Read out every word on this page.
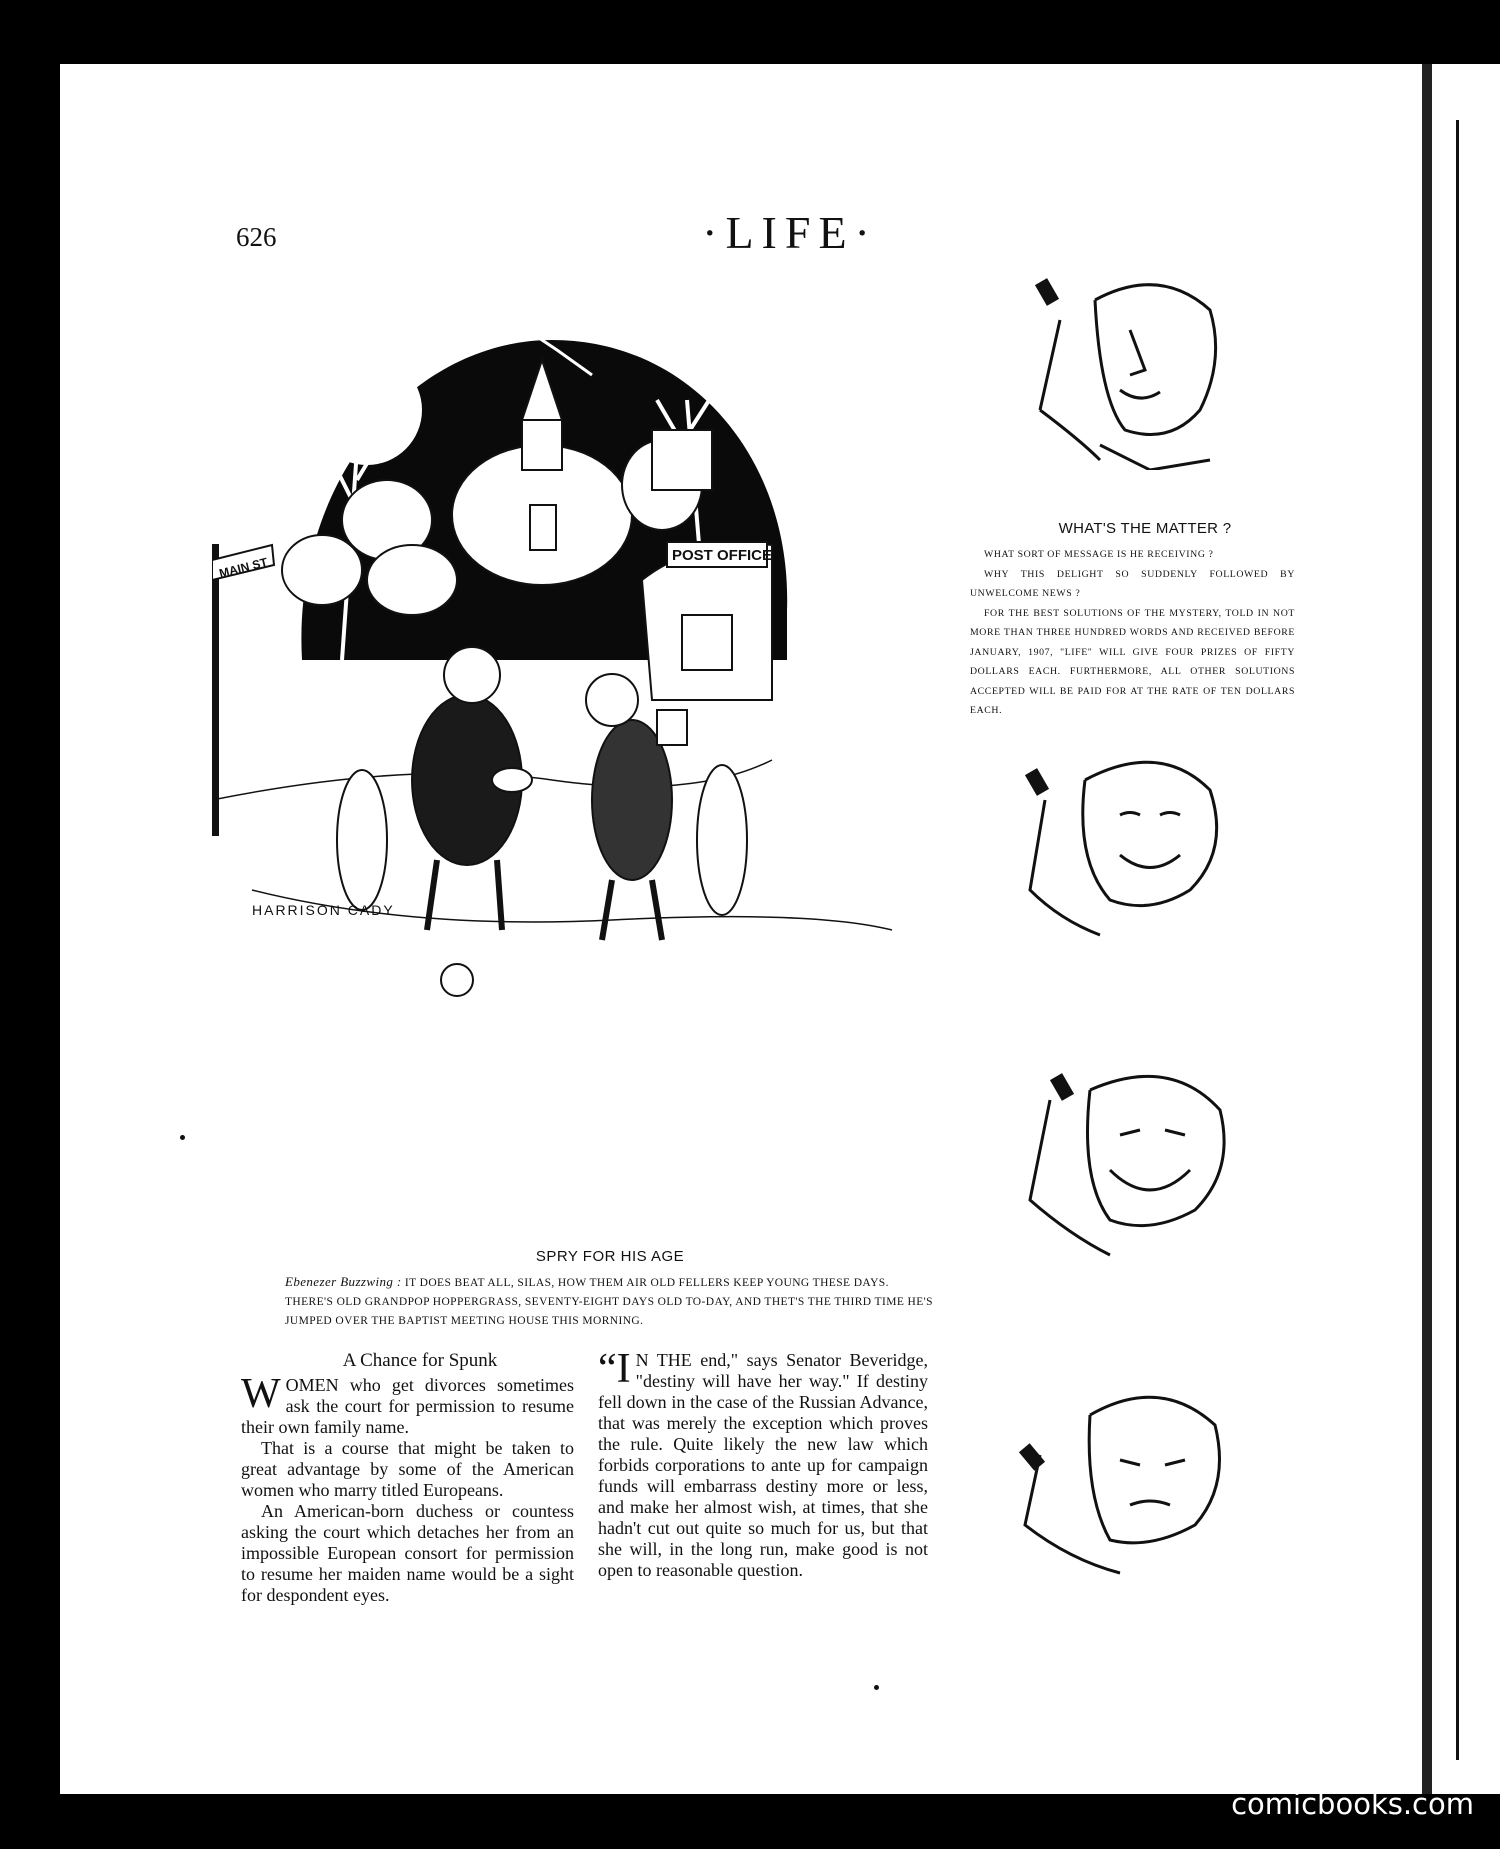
626	·LIFE·
POST OFFICE
MAIN ST
HARRISON CADY
SPRY FOR HIS AGE
Ebenezer Buzzwing : IT DOES BEAT ALL, SILAS, HOW THEM AIR OLD FELLERS KEEP YOUNG THESE DAYS. THERE'S OLD GRANDPOP HOPPERGRASS, SEVENTY-EIGHT DAYS OLD TO-DAY, AND THET'S THE THIRD TIME HE'S JUMPED OVER THE BAPTIST MEETING HOUSE THIS MORNING.
WHAT'S THE MATTER ?

WHAT SORT OF MESSAGE IS HE RECEIVING ?

WHY THIS DELIGHT SO SUDDENLY FOLLOWED BY UNWELCOME NEWS ?

FOR THE BEST SOLUTIONS OF THE MYSTERY, TOLD IN NOT MORE THAN THREE HUNDRED WORDS AND RECEIVED BEFORE JANUARY, 1907, "LIFE" WILL GIVE FOUR PRIZES OF FIFTY DOLLARS EACH. FURTHERMORE, ALL OTHER SOLUTIONS ACCEPTED WILL BE PAID FOR AT THE RATE OF TEN DOLLARS EACH.

A Chance for Spunk

WOMEN who get divorces sometimes ask the court for permission to resume their own family name.

That is a course that might be taken to great advantage by some of the American women who marry titled Europeans.

An American-born duchess or countess asking the court which detaches her from an impossible European consort for permission to resume her maiden name would be a sight for despondent eyes.

“I N THE end," says Senator Beveridge, "destiny will have her way." If destiny fell down in the case of the Russian Advance, that was merely the exception which proves the rule. Quite likely the new law which forbids corporations to ante up for campaign funds will embarrass destiny more or less, and make her almost wish, at times, that she hadn't cut out quite so much for us, but that she will, in the long run, make good is not open to reasonable question.

comicbooks.com
